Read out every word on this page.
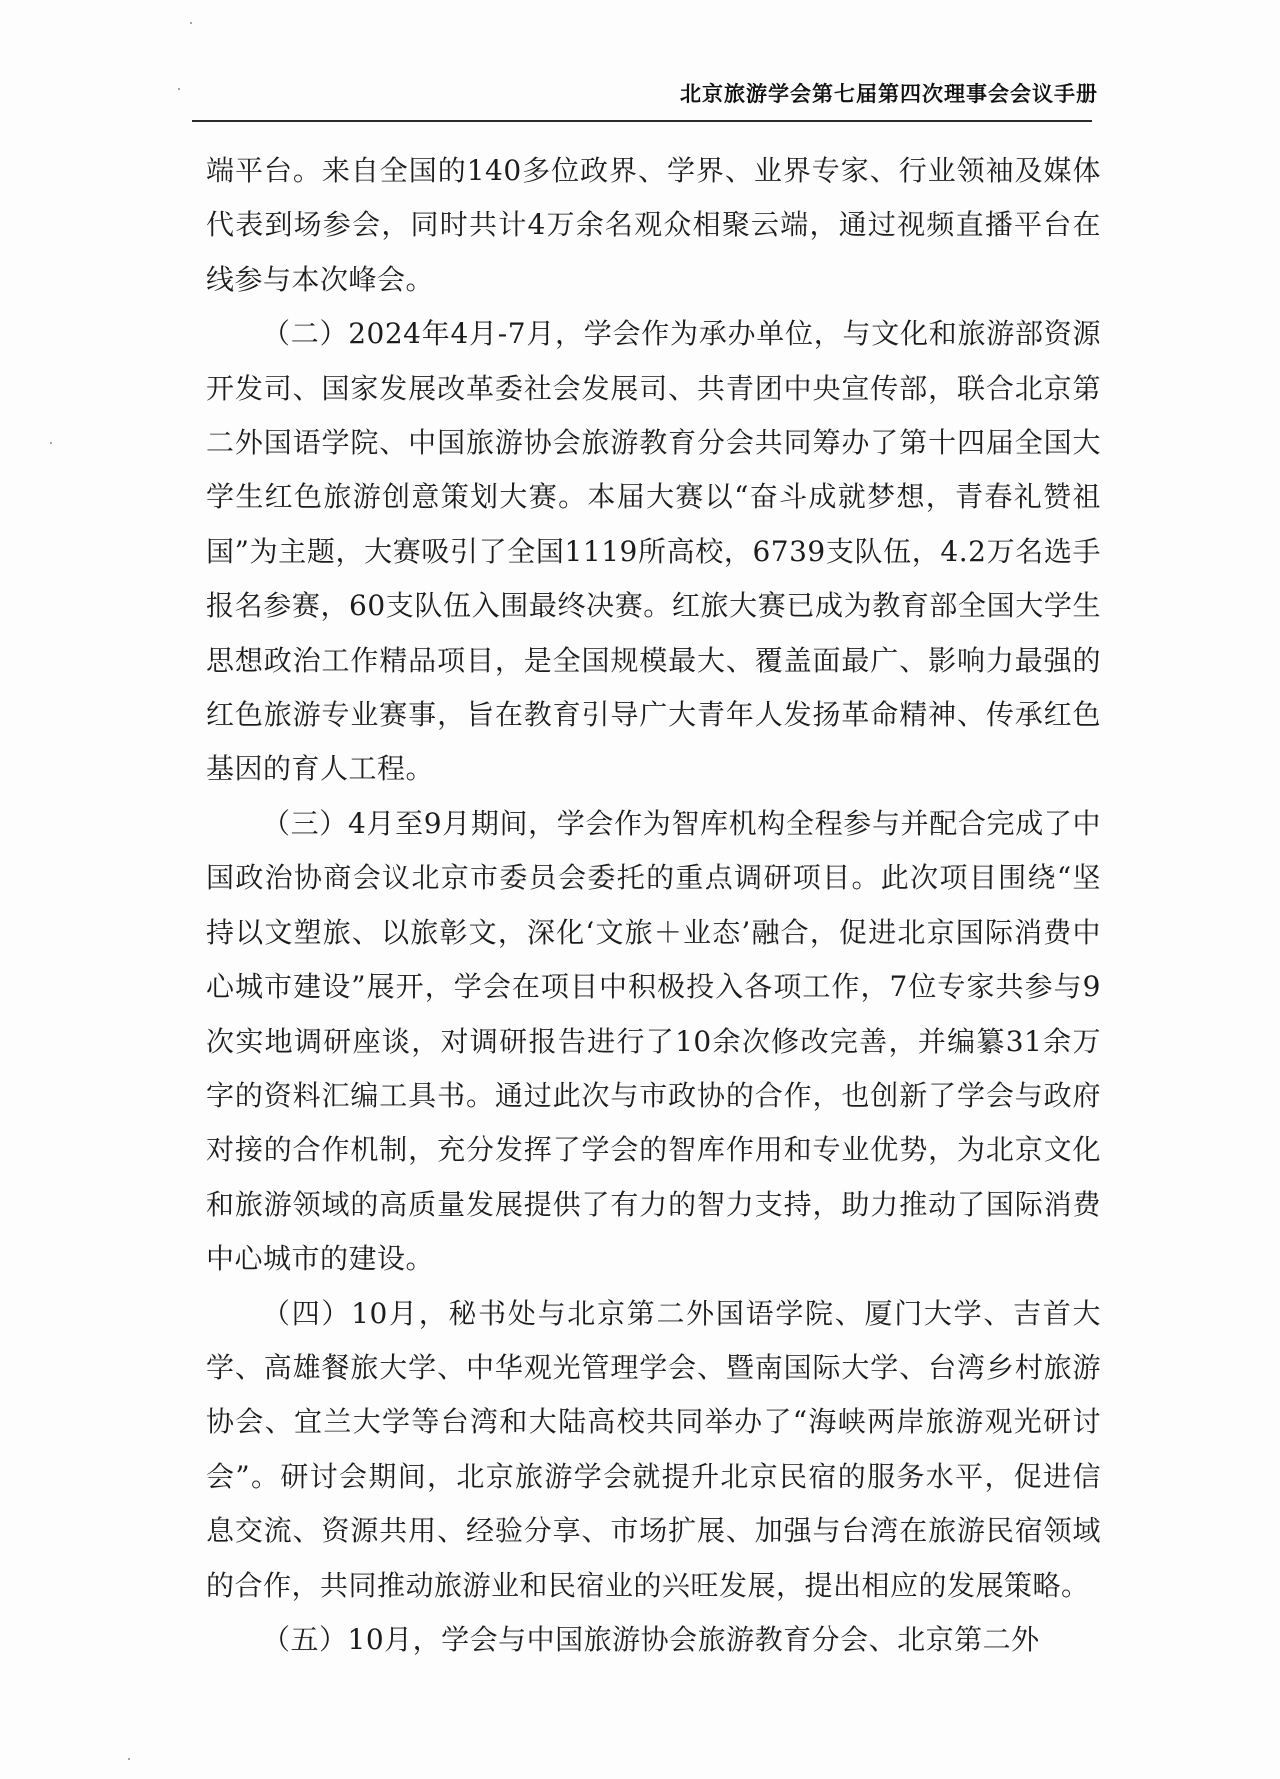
北京旅游学会第七届第四次理事会会议手册

端平台。来自全国的140多位政界、学界、业界专家、行业领袖及媒体代表到场参会，同时共计4万余名观众相聚云端，通过视频直播平台在线参与本次峰会。

（二）2024年4月-7月，学会作为承办单位，与文化和旅游部资源开发司、国家发展改革委社会发展司、共青团中央宣传部，联合北京第二外国语学院、中国旅游协会旅游教育分会共同筹办了第十四届全国大学生红色旅游创意策划大赛。本届大赛以“奋斗成就梦想，青春礼赞祖国”为主题，大赛吸引了全国1119所高校，6739支队伍，4.2万名选手报名参赛，60支队伍入围最终决赛。红旅大赛已成为教育部全国大学生思想政治工作精品项目，是全国规模最大、覆盖面最广、影响力最强的红色旅游专业赛事，旨在教育引导广大青年人发扬革命精神、传承红色基因的育人工程。

（三）4月至9月期间，学会作为智库机构全程参与并配合完成了中国政治协商会议北京市委员会委托的重点调研项目。此次项目围绕“坚持以文塑旅、以旅彰文，深化‘文旅＋业态’融合，促进北京国际消费中心城市建设”展开，学会在项目中积极投入各项工作，7位专家共参与9次实地调研座谈，对调研报告进行了10余次修改完善，并编纂31余万字的资料汇编工具书。通过此次与市政协的合作，也创新了学会与政府对接的合作机制，充分发挥了学会的智库作用和专业优势，为北京文化和旅游领域的高质量发展提供了有力的智力支持，助力推动了国际消费中心城市的建设。

（四）10月，秘书处与北京第二外国语学院、厦门大学、吉首大学、高雄餐旅大学、中华观光管理学会、暨南国际大学、台湾乡村旅游协会、宜兰大学等台湾和大陆高校共同举办了“海峡两岸旅游观光研讨会”。研讨会期间，北京旅游学会就提升北京民宿的服务水平，促进信息交流、资源共用、经验分享、市场扩展、加强与台湾在旅游民宿领域的合作，共同推动旅游业和民宿业的兴旺发展，提出相应的发展策略。

（五）10月，学会与中国旅游协会旅游教育分会、北京第二外
